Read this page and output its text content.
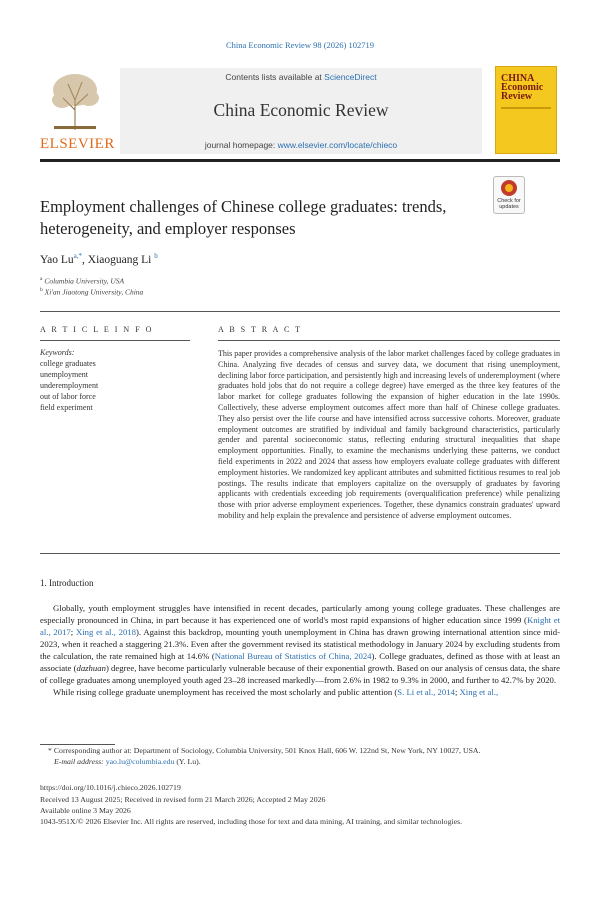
China Economic Review 98 (2026) 102719
ELSEVIER
Contents lists available at ScienceDirect
China Economic Review
journal homepage: www.elsevier.com/locate/chieco
CHINA
Economic
Review
Employment challenges of Chinese college graduates: trends,
heterogeneity, and employer responses
Check for
updates
Yao $Lu^{a,*}$, Xiaoguang Li $^b$
$^a$ Columbia University, USA
$^b$ Xi'an Jiaotong University, China
A R T I C L E I N F O	A B S T R A C T
Keywords:
college graduates
unemployment
underemployment
out of labor force
field experiment
This paper provides a comprehensive analysis of the labor market challenges faced by college graduates in China. Analyzing five decades of census and survey data, we document that rising unemployment, declining labor force participation, and persistently high and increasing levels of underemployment (where graduates hold jobs that do not require a college degree) have emerged as the three key features of the labor market for college graduates following the expansion of higher education in the late 1990s. Collectively, these adverse employment outcomes affect more than half of Chinese college graduates. They also persist over the life course and have intensified across successive cohorts. Moreover, graduate employment outcomes are stratified by individual and family background characteristics, particularly gender and parental socioeconomic status, reflecting enduring structural inequalities that shape employment opportunities. Finally, to examine the mechanisms underlying these patterns, we conduct field experiments in 2022 and 2024 that assess how employers evaluate college graduates with different employment histories. We randomized key applicant attributes and submitted fictitious resumes to real job postings. The results indicate that employers capitalize on the oversupply of graduates by favoring applicants with credentials exceeding job requirements (overqualification preference) while penalizing those with prior adverse employment experiences. Together, these dynamics constrain graduates' upward mobility and help explain the prevalence and persistence of adverse employment outcomes.
1. Introduction

Globally, youth employment struggles have intensified in recent decades, particularly among young college graduates. These challenges are especially pronounced in China, in part because it has experienced one of world's most rapid expansions of higher education since 1999 (Knight et al., 2017; Xing et al., 2018). Against this backdrop, mounting youth unemployment in China has drawn growing international attention since mid-2023, when it reached a staggering 21.3%. Even after the government revised its statistical methodology in January 2024 by excluding students from the calculation, the rate remained high at 14.6% (National Bureau of Statistics of China, 2024). College graduates, defined as those with at least an associate (dazhuan) degree, have become particularly vulnerable because of their exponential growth. Based on our analysis of census data, the share of college graduates among unemployed youth aged 23–28 increased markedly—from 2.6% in 1982 to 9.3% in 2000, and further to 42.7% by 2020.

While rising college graduate unemployment has received the most scholarly and public attention (S. Li et al., 2014; Xing et al.,

* Corresponding author at: Department of Sociology, Columbia University, 501 Knox Hall, 606 W. 122nd St, New York, NY 10027, USA.
E-mail address: yao.lu@columbia.edu (Y. Lu).
https://doi.org/10.1016/j.chieco.2026.102719
Received 13 August 2025; Received in revised form 21 March 2026; Accepted 2 May 2026
Available online 3 May 2026
1043-951X/© 2026 Elsevier Inc. All rights are reserved, including those for text and data mining, AI training, and similar technologies.
